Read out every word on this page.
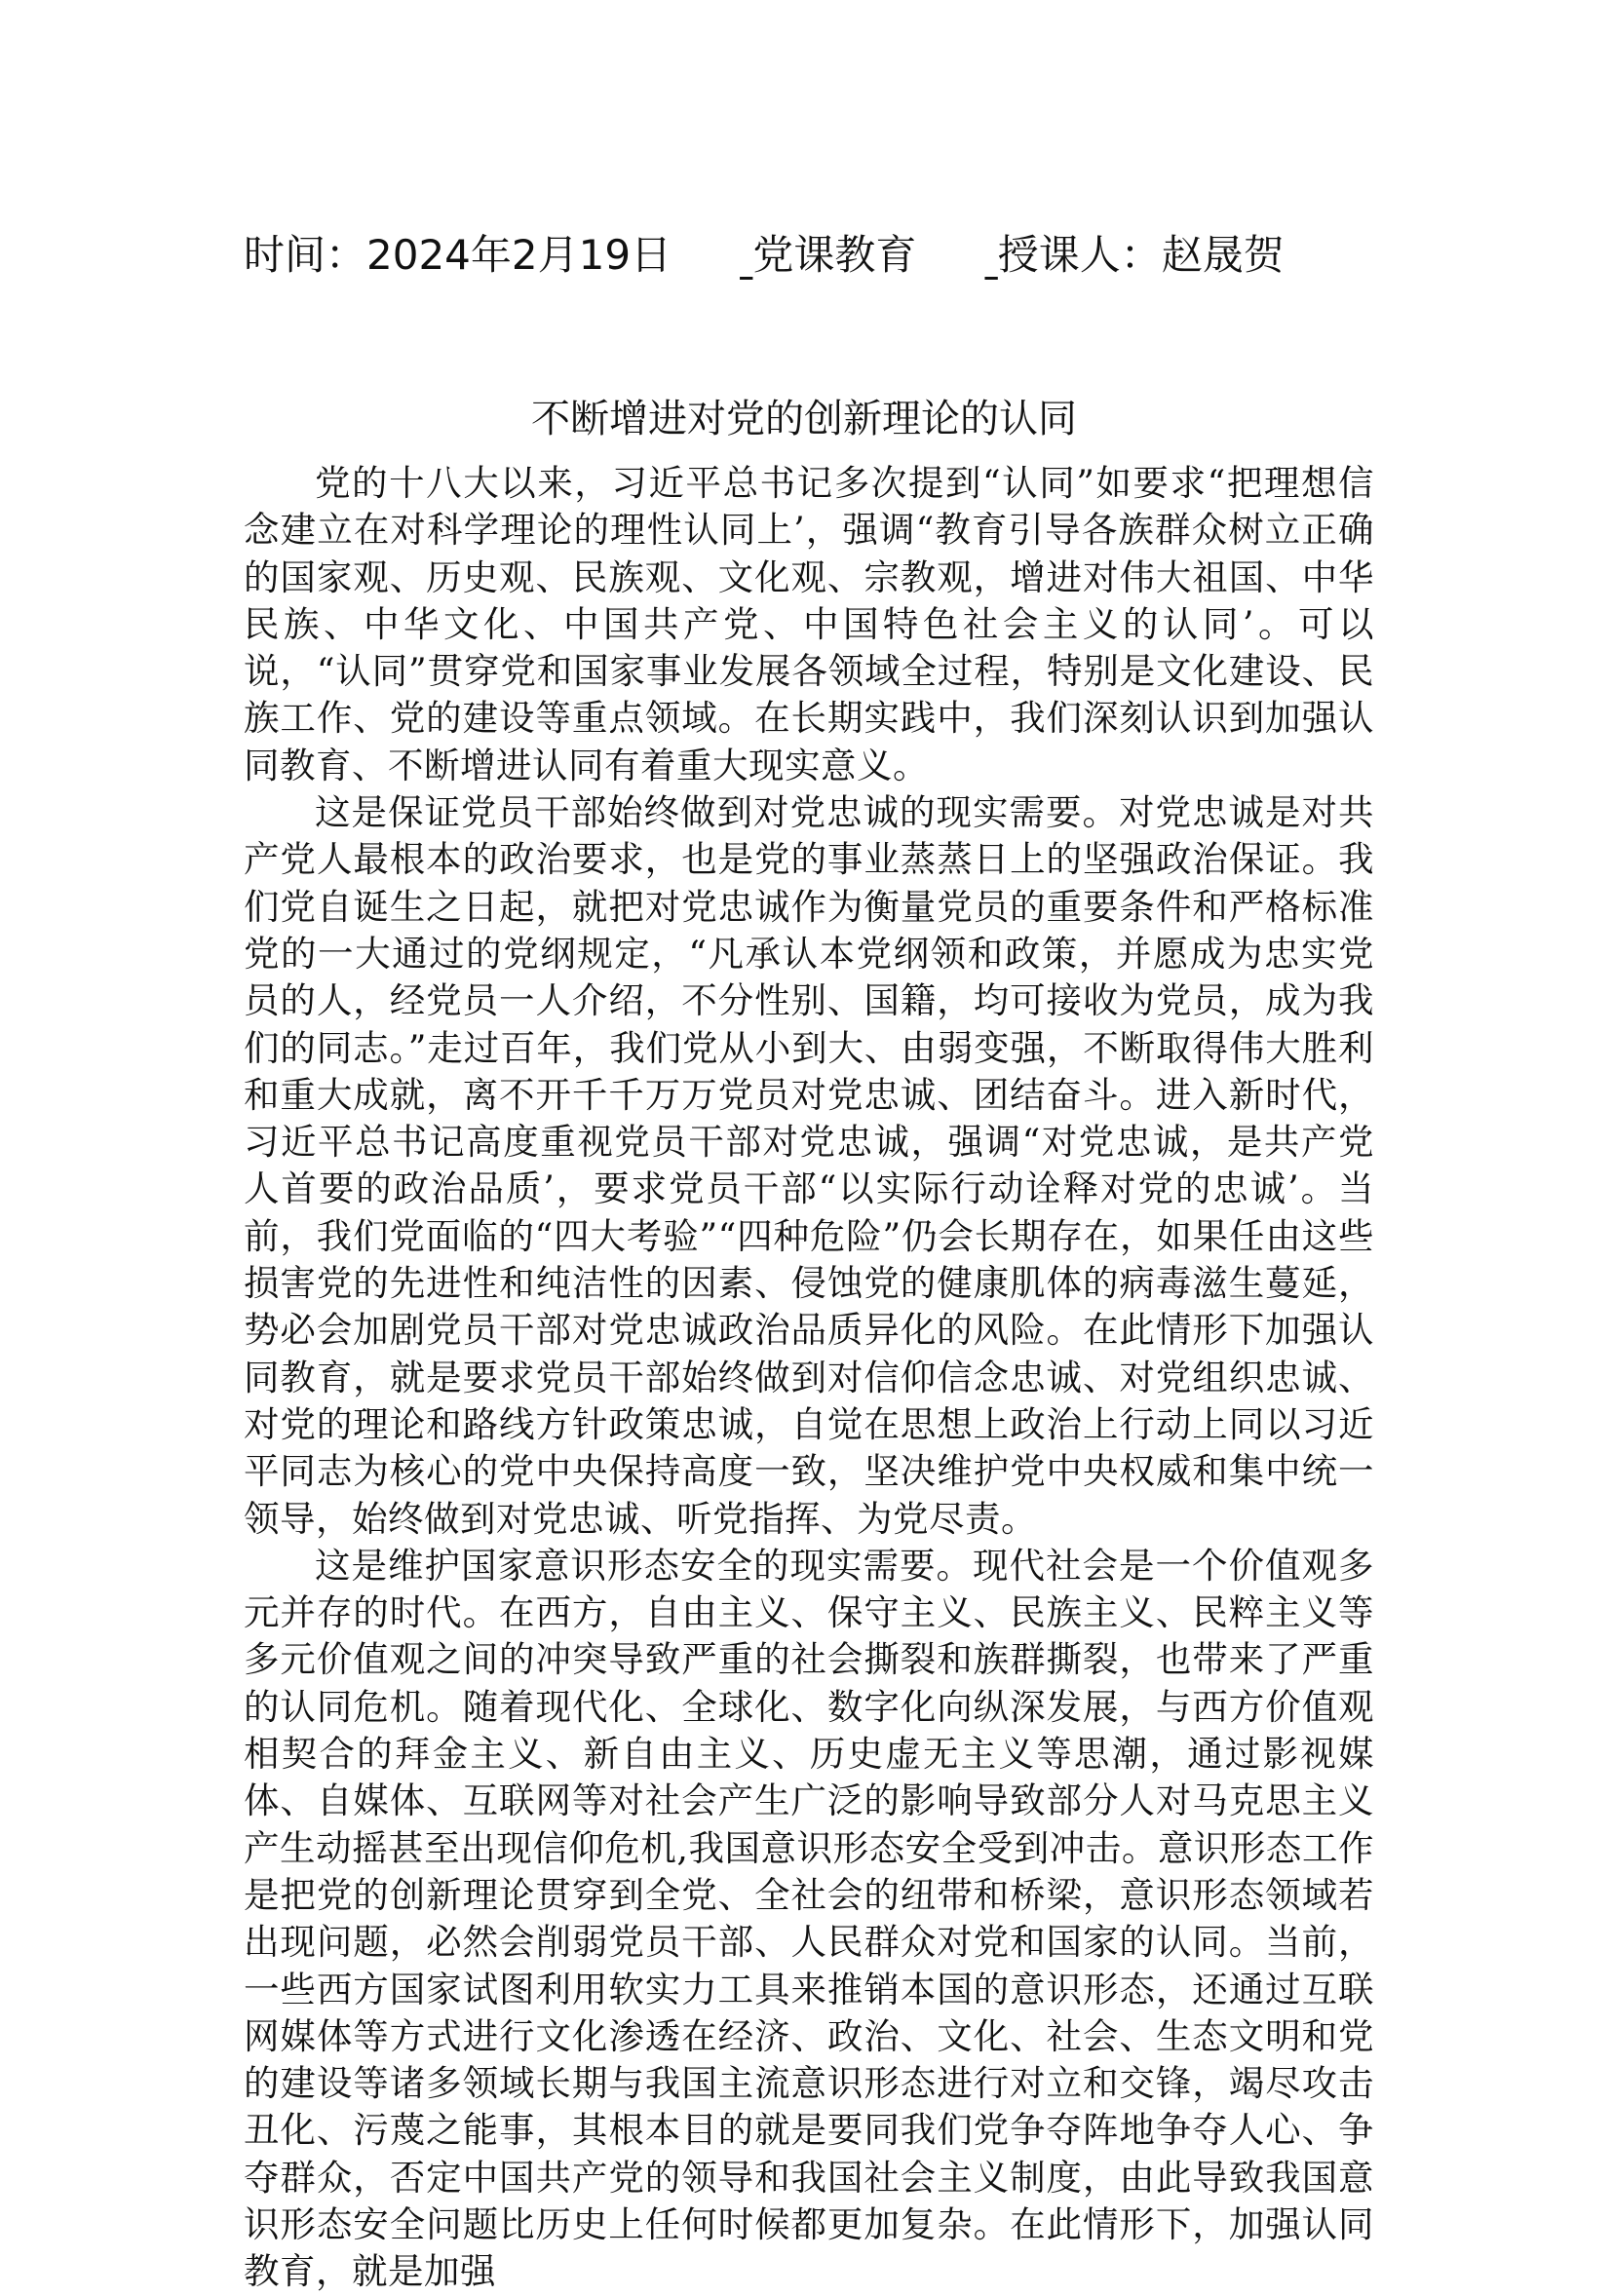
时间：2024年2月19日 党课教育 授课人：赵晟贺
不断增进对党的创新理论的认同

党的十八大以来，习近平总书记多次提到“认同”如要求“把理想信念建立在对科学理论的理性认同上’，强调“教育引导各族群众树立正确的国家观、历史观、民族观、文化观、宗教观，增进对伟大祖国、中华民族、中华文化、中国共产党、中国特色社会主义的认同’。可以说，“认同”贯穿党和国家事业发展各领域全过程，特别是文化建设、民族工作、党的建设等重点领域。在长期实践中，我们深刻认识到加强认同教育、不断增进认同有着重大现实意义。

这是保证党员干部始终做到对党忠诚的现实需要。对党忠诚是对共产党人最根本的政治要求，也是党的事业蒸蒸日上的坚强政治保证。我们党自诞生之日起，就把对党忠诚作为衡量党员的重要条件和严格标准党的一大通过的党纲规定，“凡承认本党纲领和政策，并愿成为忠实党员的人，经党员一人介绍，不分性别、国籍，均可接收为党员，成为我们的同志。”走过百年，我们党从小到大、由弱变强，不断取得伟大胜利和重大成就，离不开千千万万党员对党忠诚、团结奋斗。进入新时代，习近平总书记高度重视党员干部对党忠诚，强调“对党忠诚，是共产党人首要的政治品质’，要求党员干部“以实际行动诠释对党的忠诚’。当前，我们党面临的“四大考验”“四种危险”仍会长期存在，如果任由这些损害党的先进性和纯洁性的因素、侵蚀党的健康肌体的病毒滋生蔓延，势必会加剧党员干部对党忠诚政治品质异化的风险。在此情形下加强认同教育，就是要求党员干部始终做到对信仰信念忠诚、对党组织忠诚、对党的理论和路线方针政策忠诚，自觉在思想上政治上行动上同以习近平同志为核心的党中央保持高度一致，坚决维护党中央权威和集中统一领导，始终做到对党忠诚、听党指挥、为党尽责。

这是维护国家意识形态安全的现实需要。现代社会是一个价值观多元并存的时代。在西方，自由主义、保守主义、民族主义、民粹主义等多元价值观之间的冲突导致严重的社会撕裂和族群撕裂，也带来了严重的认同危机。随着现代化、全球化、数字化向纵深发展，与西方价值观相契合的拜金主义、新自由主义、历史虚无主义等思潮，通过影视媒体、自媒体、互联网等对社会产生广泛的影响导致部分人对马克思主义产生动摇甚至出现信仰危机,我国意识形态安全受到冲击。意识形态工作是把党的创新理论贯穿到全党、全社会的纽带和桥梁，意识形态领域若出现问题，必然会削弱党员干部、人民群众对党和国家的认同。当前，一些西方国家试图利用软实力工具来推销本国的意识形态，还通过互联网媒体等方式进行文化渗透在经济、政治、文化、社会、生态文明和党的建设等诸多领域长期与我国主流意识形态进行对立和交锋，竭尽攻击丑化、污蔑之能事，其根本目的就是要同我们党争夺阵地争夺人心、争夺群众，否定中国共产党的领导和我国社会主义制度，由此导致我国意识形态安全问题比历史上任何时候都更加复杂。在此情形下，加强认同教育，就是加强
